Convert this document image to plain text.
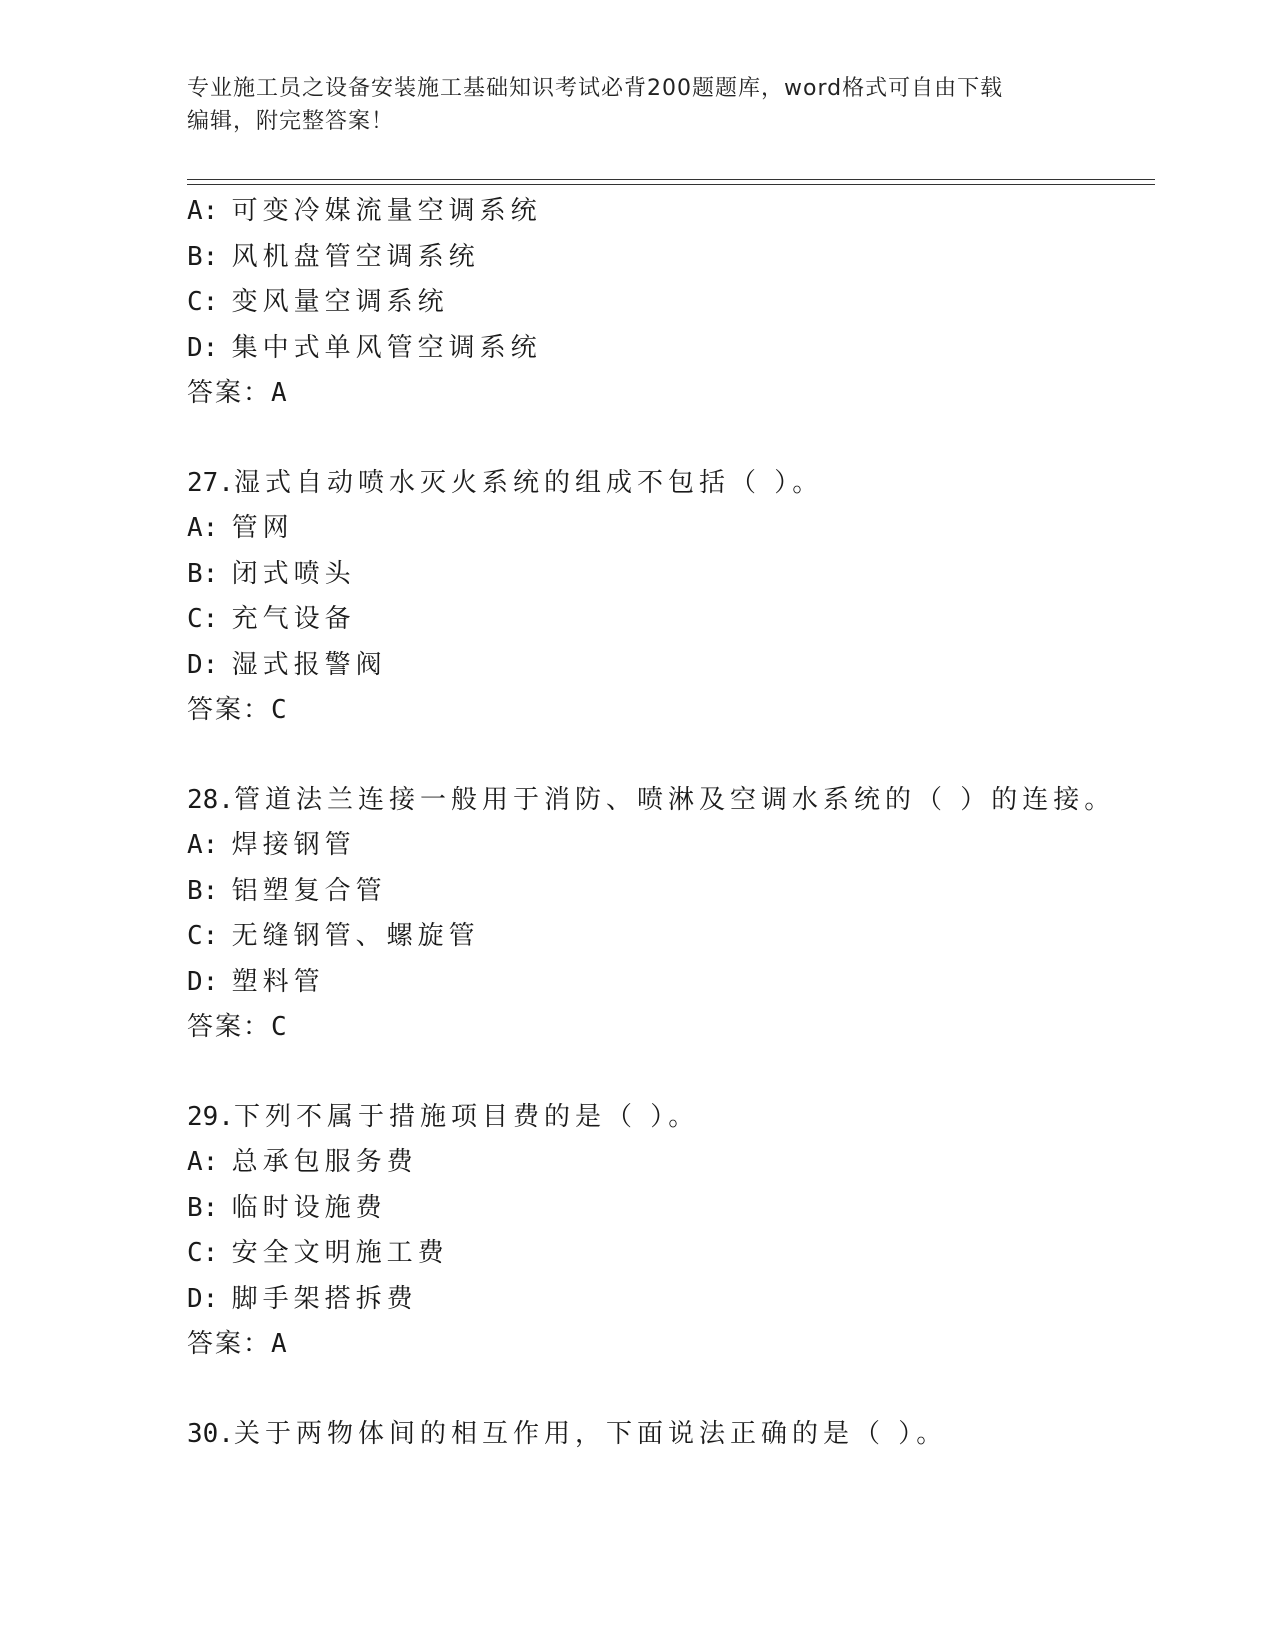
专业施工员之设备安装施工基础知识考试必背200题题库，word格式可自由下载
编辑，附完整答案！
A: 可变冷媒流量空调系统
B: 风机盘管空调系统
C: 变风量空调系统
D: 集中式单风管空调系统
答案：A
27.湿式自动喷水灭火系统的组成不包括（ ）。
A: 管网
B: 闭式喷头
C: 充气设备
D: 湿式报警阀
答案：C
28.管道法兰连接一般用于消防、喷淋及空调水系统的（ ）的连接。
A: 焊接钢管
B: 铝塑复合管
C: 无缝钢管、螺旋管
D: 塑料管
答案：C
29.下列不属于措施项目费的是（ ）。
A: 总承包服务费
B: 临时设施费
C: 安全文明施工费
D: 脚手架搭拆费
答案：A
30.关于两物体间的相互作用，下面说法正确的是（ ）。
